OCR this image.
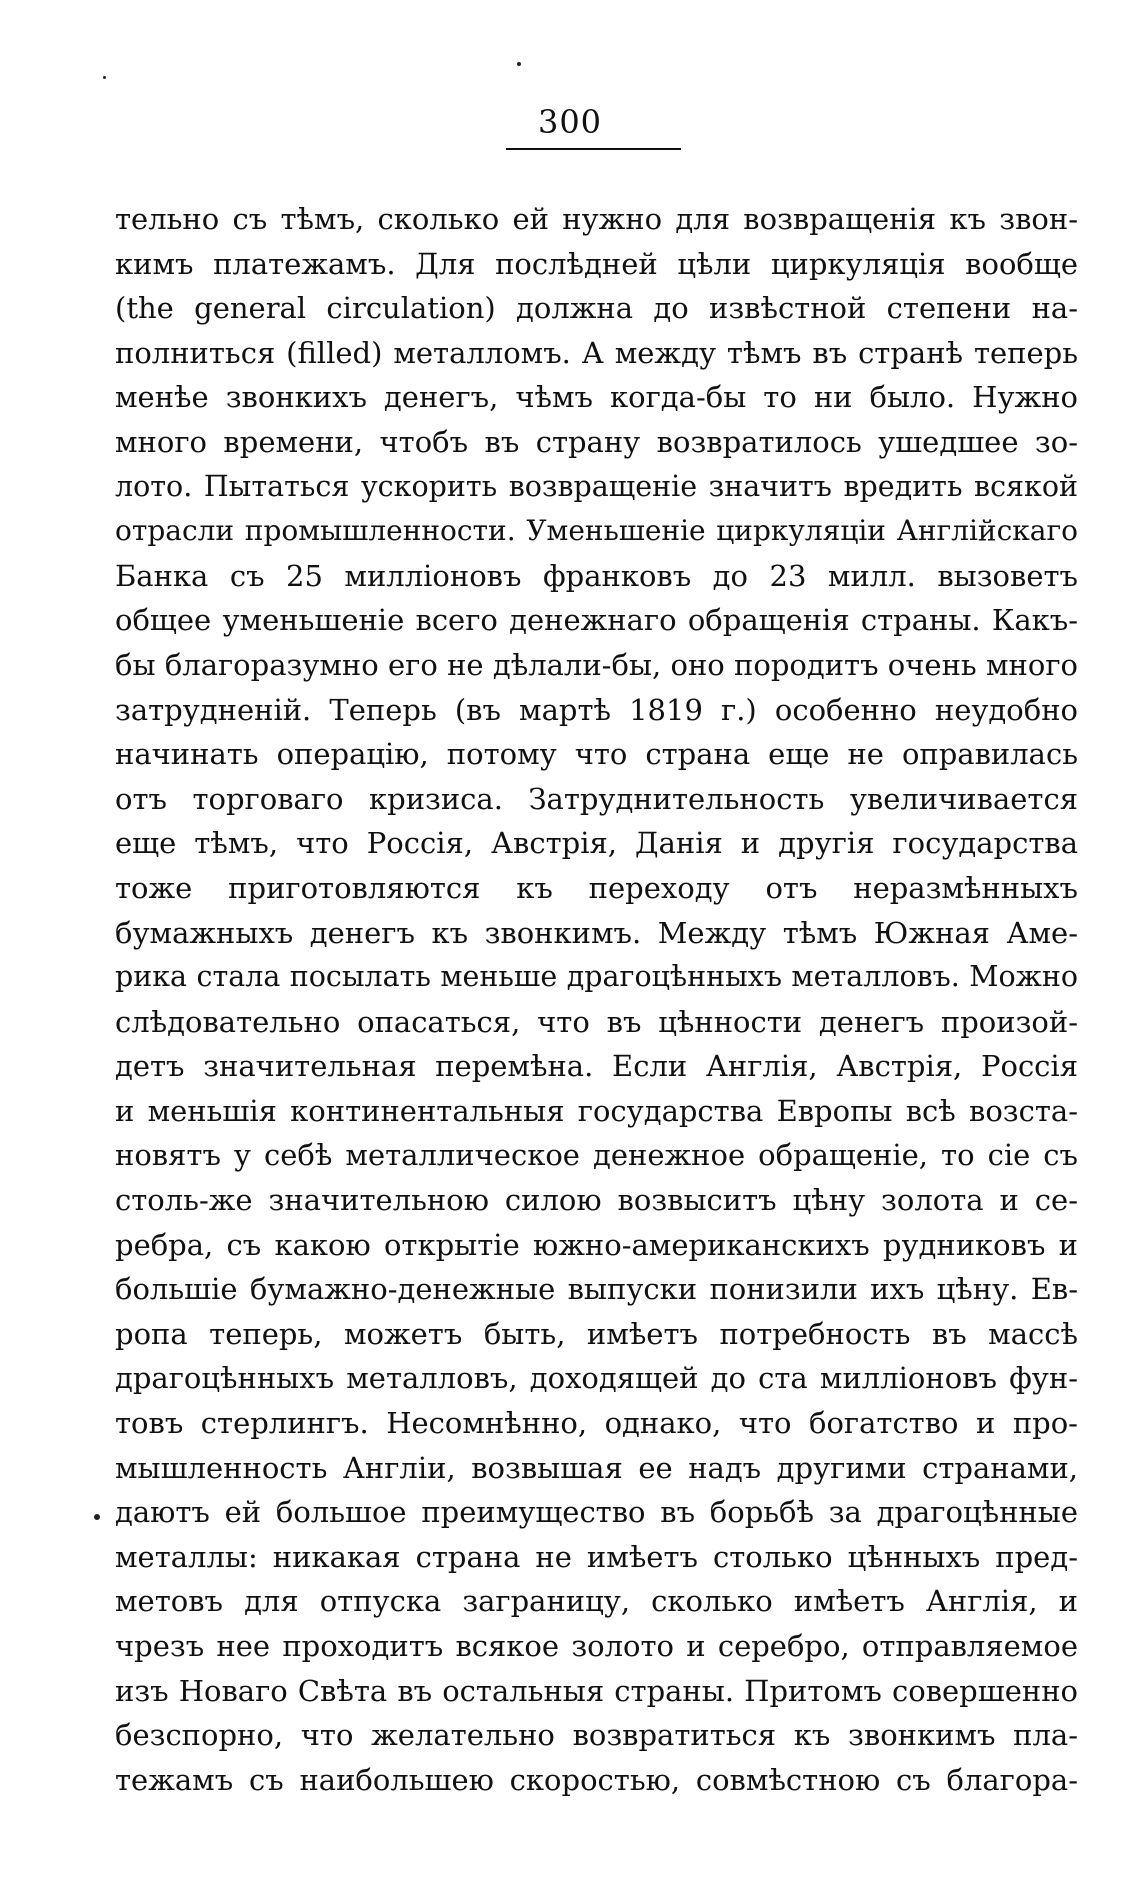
300
тельно съ тѣмъ, сколько ей нужно для возвращенія къ звон-
кимъ платежамъ. Для послѣдней цѣли циркуляція вообще
(the general circulation) должна до извѣстной степени на-
полниться (filled) металломъ. А между тѣмъ въ странѣ теперь
менѣе звонкихъ денегъ, чѣмъ когда-бы то ни было. Нужно
много времени, чтобъ въ страну возвратилось ушедшее зо-
лото. Пытаться ускорить возвращеніе значитъ вредить всякой
отрасли промышленности. Уменьшеніе циркуляціи Англійскаго
Банка съ 25 милліоновъ франковъ до 23 милл. вызоветъ
общее уменьшеніе всего денежнаго обращенія страны. Какъ-
бы благоразумно его не дѣлали-бы, оно породитъ очень много
затрудненій. Теперь (въ мартѣ 1819 г.) особенно неудобно
начинать операцію, потому что страна еще не оправилась
отъ торговаго кризиса. Затруднительность увеличивается
еще тѣмъ, что Россія, Австрія, Данія и другія государства
тоже приготовляются къ переходу отъ неразмѣнныхъ
бумажныхъ денегъ къ звонкимъ. Между тѣмъ Южная Аме-
рика стала посылать меньше драгоцѣнныхъ металловъ. Можно
слѣдовательно опасаться, что въ цѣнности денегъ произой-
детъ значительная перемѣна. Если Англія, Австрія, Россія
и меньшія континентальныя государства Европы всѣ возста-
новятъ у себѣ металлическое денежное обращеніе, то сіе съ
столь-же значительною силою возвыситъ цѣну золота и се-
ребра, съ какою открытіе южно-американскихъ рудниковъ и
большіе бумажно-денежные выпуски понизили ихъ цѣну. Ев-
ропа теперь, можетъ быть, имѣетъ потребность въ массѣ
драгоцѣнныхъ металловъ, доходящей до ста милліоновъ фун-
товъ стерлингъ. Несомнѣнно, однако, что богатство и про-
мышленность Англіи, возвышая ее надъ другими странами,
даютъ ей большое преимущество въ борьбѣ за драгоцѣнные
металлы: никакая страна не имѣетъ столько цѣнныхъ пред-
метовъ для отпуска заграницу, сколько имѣетъ Англія, и
чрезъ нее проходитъ всякое золото и серебро, отправляемое
изъ Новаго Свѣта въ остальныя страны. Притомъ совершенно
безспорно, что желательно возвратиться къ звонкимъ пла-
тежамъ съ наибольшею скоростью, совмѣстною съ благора-
